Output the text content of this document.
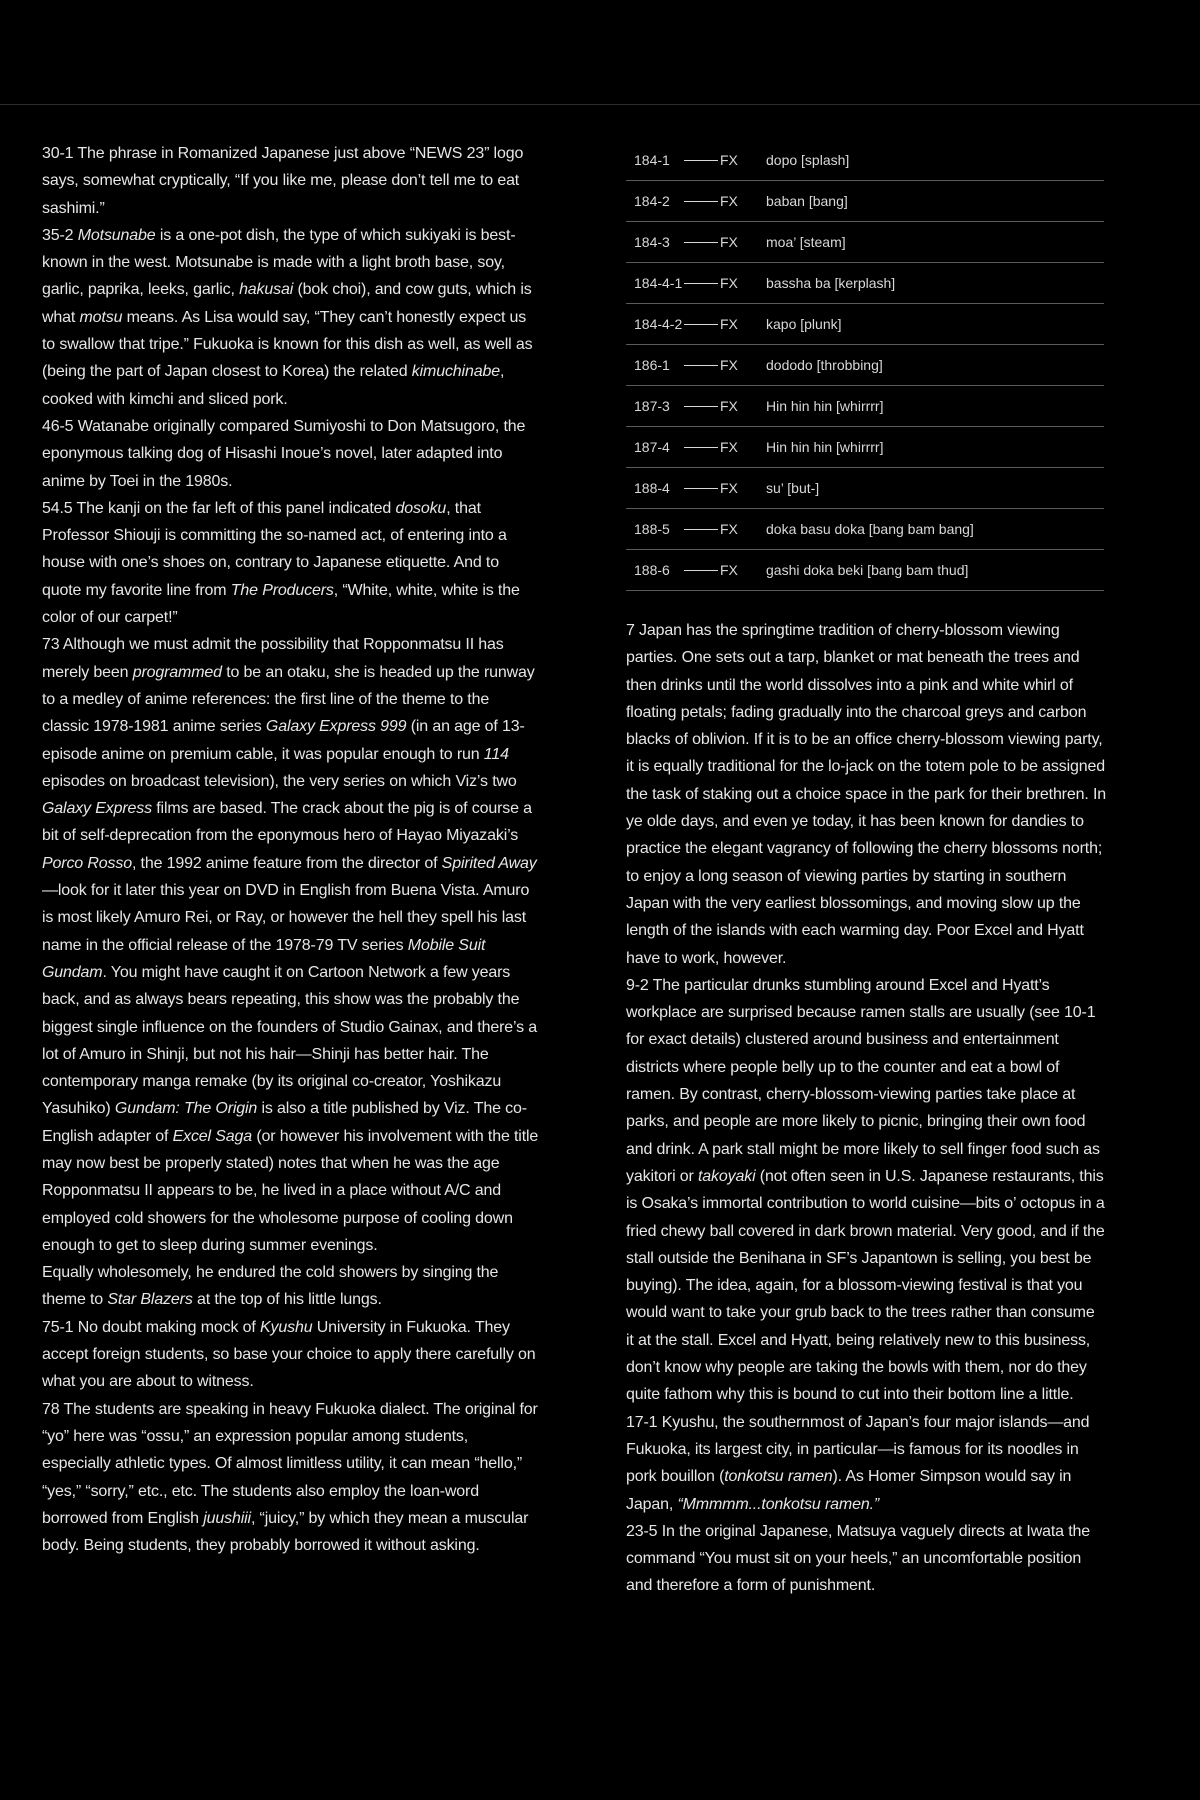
30-1 The phrase in Romanized Japanese just above “NEWS 23” logo says, somewhat cryptically, “If you like me, please don’t tell me to eat sashimi.”

35-2 Motsunabe is a one-pot dish, the type of which sukiyaki is best-known in the west. Motsunabe is made with a light broth base, soy, garlic, paprika, leeks, garlic, hakusai (bok choi), and cow guts, which is what motsu means. As Lisa would say, “They can’t honestly expect us to swallow that tripe.” Fukuoka is known for this dish as well, as well as (being the part of Japan closest to Korea) the related kimuchinabe, cooked with kimchi and sliced pork.

46-5 Watanabe originally compared Sumiyoshi to Don Matsugoro, the eponymous talking dog of Hisashi Inoue’s novel, later adapted into anime by Toei in the 1980s.

54.5 The kanji on the far left of this panel indicated dosoku, that Professor Shiouji is committing the so-named act, of entering into a house with one’s shoes on, contrary to Japanese etiquette. And to quote my favorite line from The Producers, “White, white, white is the color of our carpet!”

73 Although we must admit the possibility that Ropponmatsu II has merely been programmed to be an otaku, she is headed up the runway to a medley of anime references: the first line of the theme to the classic 1978-1981 anime series Galaxy Express 999 (in an age of 13-episode anime on premium cable, it was popular enough to run 114 episodes on broadcast television), the very series on which Viz’s two Galaxy Express films are based. The crack about the pig is of course a bit of self-deprecation from the eponymous hero of Hayao Miyazaki’s Porco Rosso, the 1992 anime feature from the director of Spirited Away—look for it later this year on DVD in English from Buena Vista. Amuro is most likely Amuro Rei, or Ray, or however the hell they spell his last name in the official release of the 1978-79 TV series Mobile Suit Gundam. You might have caught it on Cartoon Network a few years back, and as always bears repeating, this show was the probably the biggest single influence on the founders of Studio Gainax, and there’s a lot of Amuro in Shinji, but not his hair—Shinji has better hair. The contemporary manga remake (by its original co-creator, Yoshikazu Yasuhiko) Gundam: The Origin is also a title published by Viz. The co-English adapter of Excel Saga (or however his involvement with the title may now best be properly stated) notes that when he was the age Ropponmatsu II appears to be, he lived in a place without A/C and employed cold showers for the wholesome purpose of cooling down enough to get to sleep during summer evenings.

Equally wholesomely, he endured the cold showers by singing the theme to Star Blazers at the top of his little lungs.

75-1 No doubt making mock of Kyushu University in Fukuoka. They accept foreign students, so base your choice to apply there carefully on what you are about to witness.

78 The students are speaking in heavy Fukuoka dialect. The original for “yo” here was “ossu,” an expression popular among students, especially athletic types. Of almost limitless utility, it can mean “hello,” “yes,” “sorry,” etc., etc. The students also employ the loan-word borrowed from English juushiii, “juicy,” by which they mean a muscular body. Being students, they probably borrowed it without asking.

184-1	FX	dopo [splash]
184-2	FX	baban [bang]
184-3	FX	moa’ [steam]
184-4-1	FX	bassha ba [kerplash]
184-4-2	FX	kapo [plunk]
186-1	FX	dododo [throbbing]
187-3	FX	Hin hin hin [whirrrr]
187-4	FX	Hin hin hin [whirrrr]
188-4	FX	su’ [but-]
188-5	FX	doka basu doka [bang bam bang]
188-6	FX	gashi doka beki [bang bam thud]

7 Japan has the springtime tradition of cherry-blossom viewing parties. One sets out a tarp, blanket or mat beneath the trees and then drinks until the world dissolves into a pink and white whirl of floating petals; fading gradually into the charcoal greys and carbon blacks of oblivion. If it is to be an office cherry-blossom viewing party, it is equally traditional for the lo-jack on the totem pole to be assigned the task of staking out a choice space in the park for their brethren. In ye olde days, and even ye today, it has been known for dandies to practice the elegant vagrancy of following the cherry blossoms north; to enjoy a long season of viewing parties by starting in southern Japan with the very earliest blossomings, and moving slow up the length of the islands with each warming day. Poor Excel and Hyatt have to work, however.

9-2 The particular drunks stumbling around Excel and Hyatt’s workplace are surprised because ramen stalls are usually (see 10-1 for exact details) clustered around business and entertainment districts where people belly up to the counter and eat a bowl of ramen. By contrast, cherry-blossom-viewing parties take place at parks, and people are more likely to picnic, bringing their own food and drink. A park stall might be more likely to sell finger food such as yakitori or takoyaki (not often seen in U.S. Japanese restaurants, this is Osaka’s immortal contribution to world cuisine—bits o’ octopus in a fried chewy ball covered in dark brown material. Very good, and if the stall outside the Benihana in SF’s Japantown is selling, you best be buying). The idea, again, for a blossom-viewing festival is that you would want to take your grub back to the trees rather than consume it at the stall. Excel and Hyatt, being relatively new to this business, don’t know why people are taking the bowls with them, nor do they quite fathom why this is bound to cut into their bottom line a little.

17-1 Kyushu, the southernmost of Japan’s four major islands—and Fukuoka, its largest city, in particular—is famous for its noodles in pork bouillon (tonkotsu ramen). As Homer Simpson would say in Japan, “Mmmmm...tonkotsu ramen.”

23-5 In the original Japanese, Matsuya vaguely directs at Iwata the command “You must sit on your heels,” an uncomfortable position and therefore a form of punishment.
